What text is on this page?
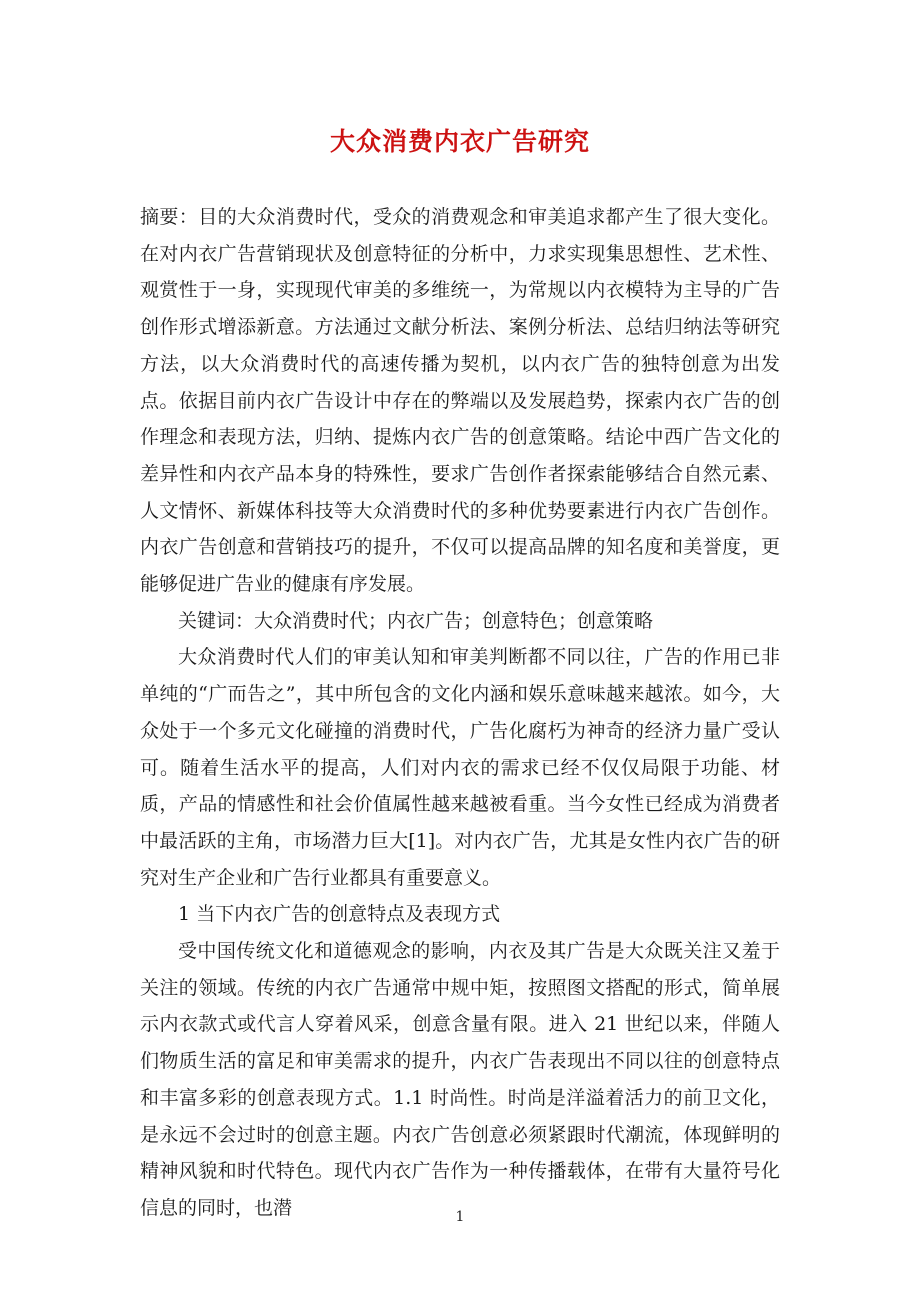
大众消费内衣广告研究

摘要：目的大众消费时代，受众的消费观念和审美追求都产生了很大变化。在对内衣广告营销现状及创意特征的分析中，力求实现集思想性、艺术性、观赏性于一身，实现现代审美的多维统一，为常规以内衣模特为主导的广告创作形式增添新意。方法通过文献分析法、案例分析法、总结归纳法等研究方法，以大众消费时代的高速传播为契机，以内衣广告的独特创意为出发点。依据目前内衣广告设计中存在的弊端以及发展趋势，探索内衣广告的创作理念和表现方法，归纳、提炼内衣广告的创意策略。结论中西广告文化的差异性和内衣产品本身的特殊性，要求广告创作者探索能够结合自然元素、人文情怀、新媒体科技等大众消费时代的多种优势要素进行内衣广告创作。内衣广告创意和营销技巧的提升，不仅可以提高品牌的知名度和美誉度，更能够促进广告业的健康有序发展。

关键词：大众消费时代；内衣广告；创意特色；创意策略

大众消费时代人们的审美认知和审美判断都不同以往，广告的作用已非单纯的“广而告之”，其中所包含的文化内涵和娱乐意味越来越浓。如今，大众处于一个多元文化碰撞的消费时代，广告化腐朽为神奇的经济力量广受认可。随着生活水平的提高，人们对内衣的需求已经不仅仅局限于功能、材质，产品的情感性和社会价值属性越来越被看重。当今女性已经成为消费者中最活跃的主角，市场潜力巨大[1]。对内衣广告，尤其是女性内衣广告的研究对生产企业和广告行业都具有重要意义。

1 当下内衣广告的创意特点及表现方式

受中国传统文化和道德观念的影响，内衣及其广告是大众既关注又羞于关注的领域。传统的内衣广告通常中规中矩，按照图文搭配的形式，简单展示内衣款式或代言人穿着风采，创意含量有限。进入 21 世纪以来，伴随人们物质生活的富足和审美需求的提升，内衣广告表现出不同以往的创意特点和丰富多彩的创意表现方式。1.1 时尚性。时尚是洋溢着活力的前卫文化，是永远不会过时的创意主题。内衣广告创意必须紧跟时代潮流，体现鲜明的精神风貌和时代特色。现代内衣广告作为一种传播载体，在带有大量符号化信息的同时，也潜	1
